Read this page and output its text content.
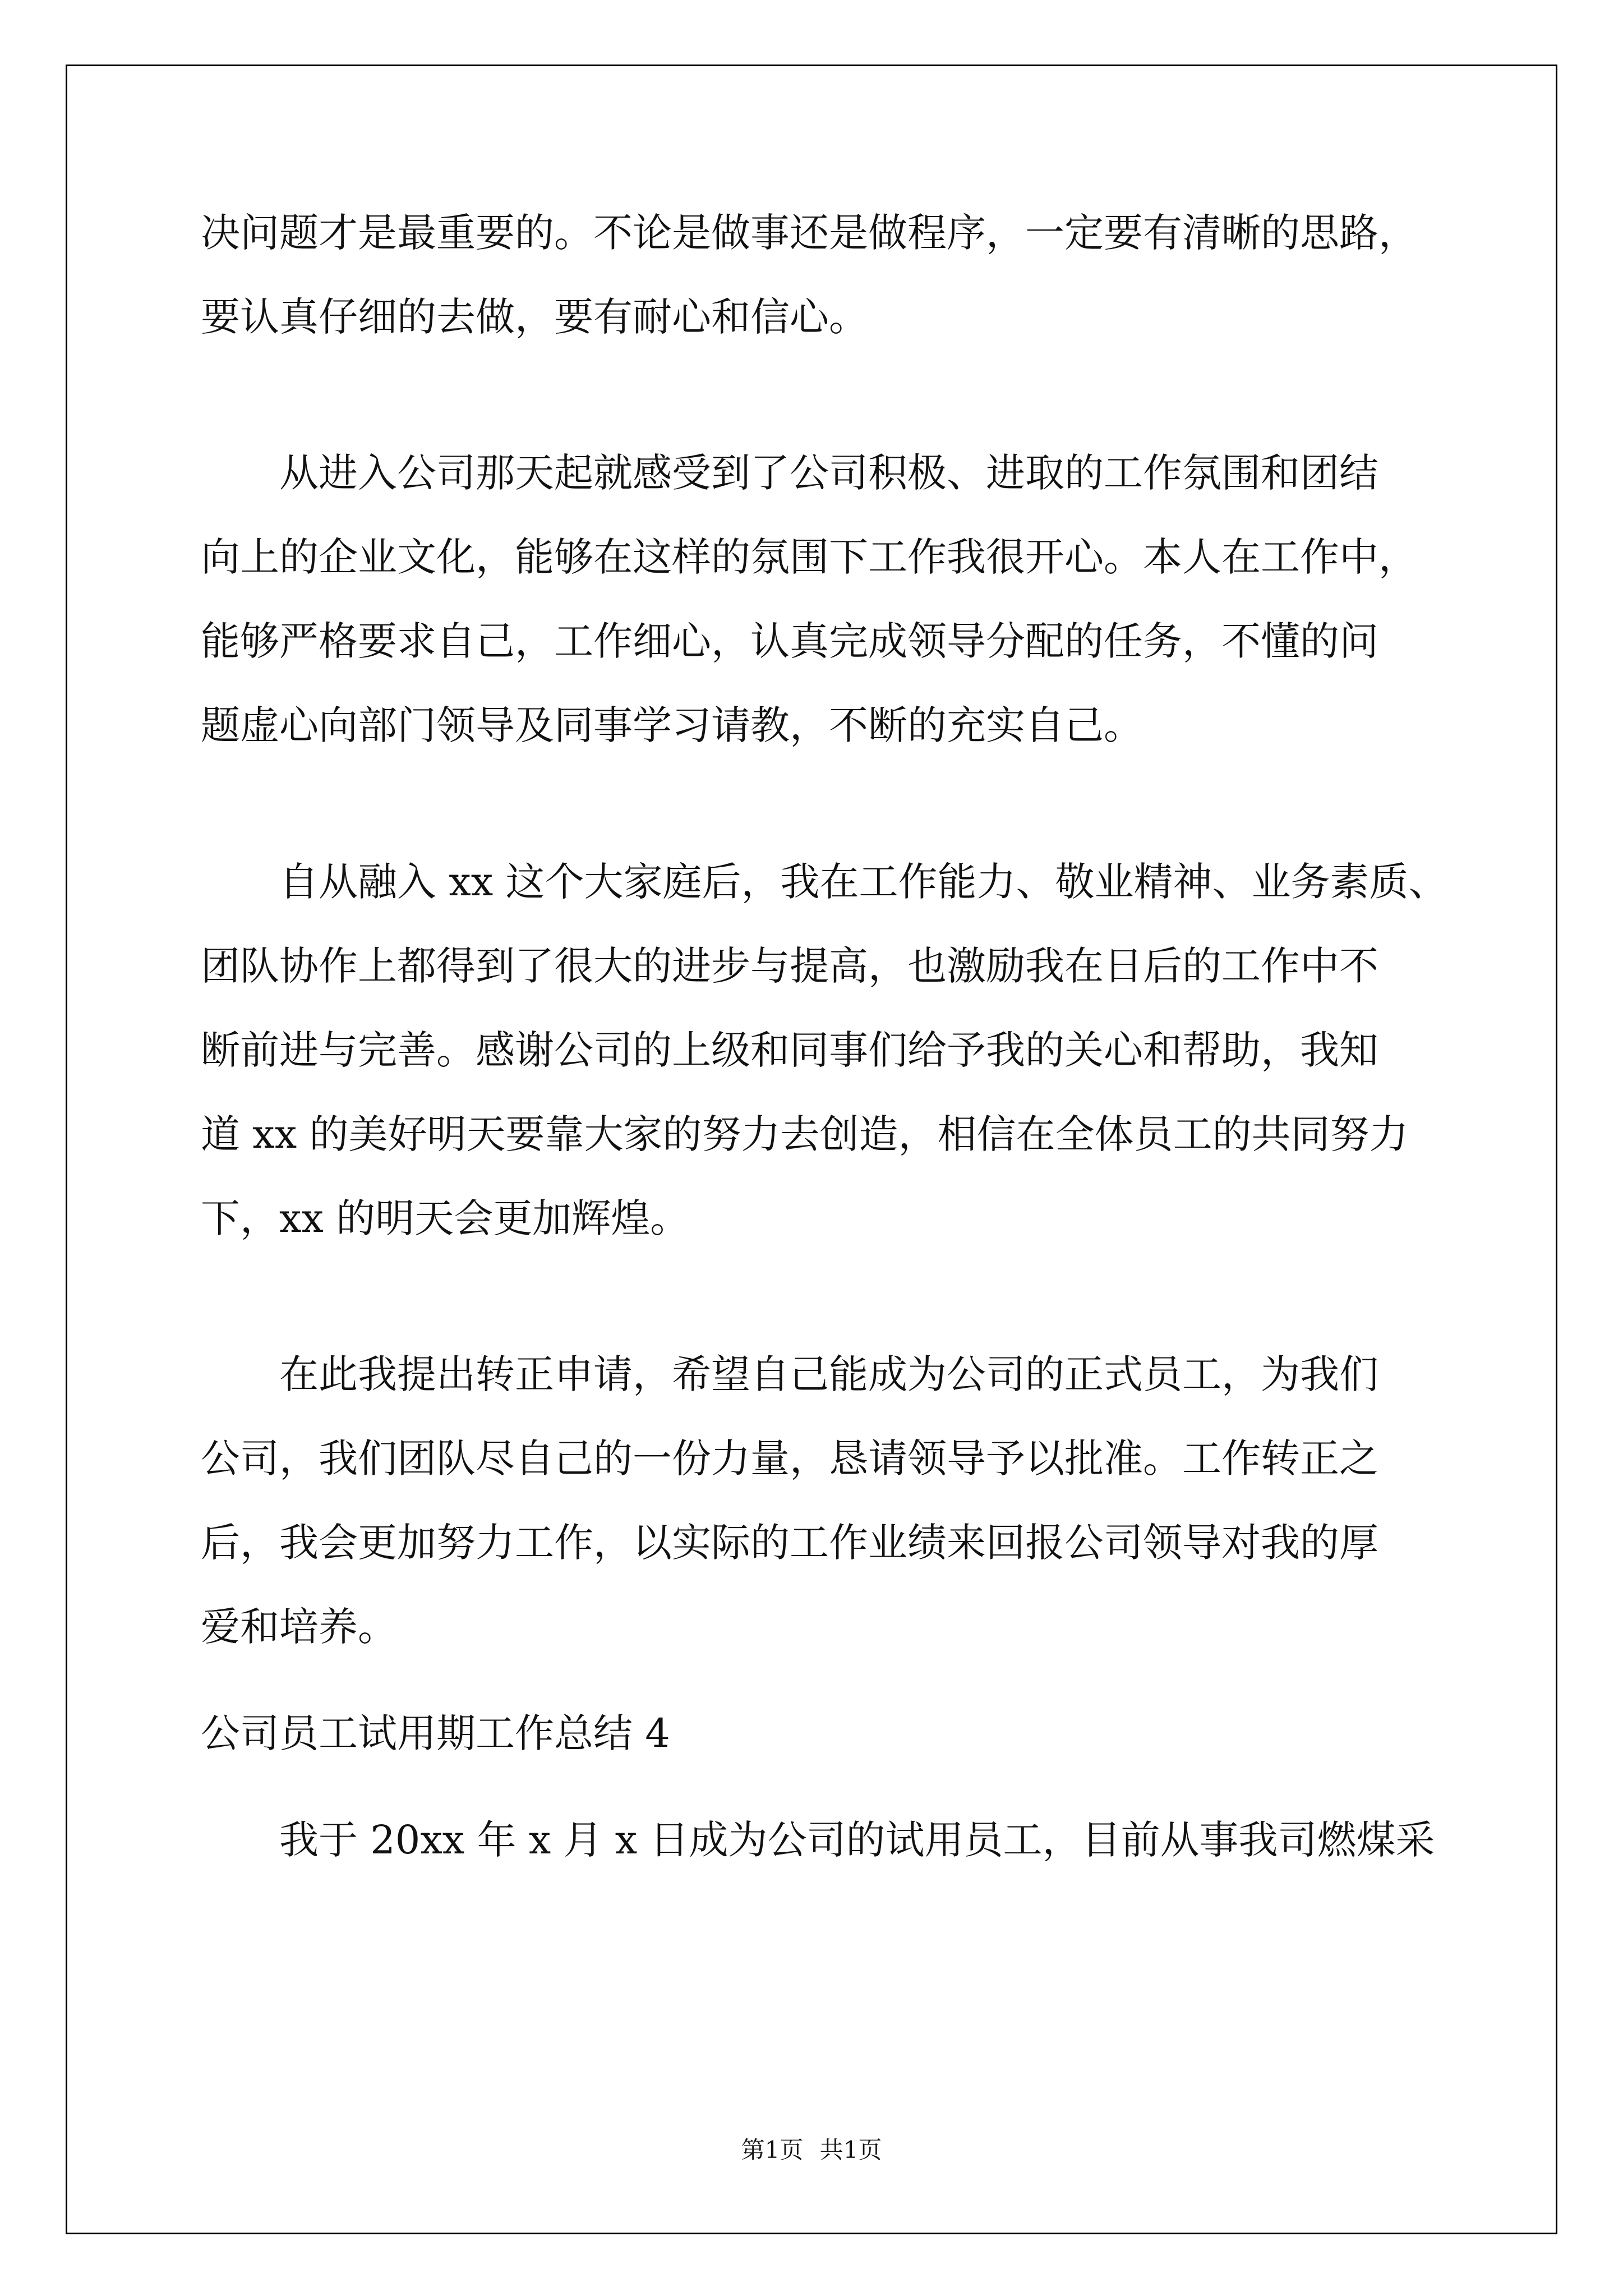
决问题才是最重要的。不论是做事还是做程序，一定要有清晰的思路，
要认真仔细的去做，要有耐心和信心。
从进入公司那天起就感受到了公司积极、进取的工作氛围和团结
向上的企业文化，能够在这样的氛围下工作我很开心。本人在工作中，
能够严格要求自己，工作细心，认真完成领导分配的任务，不懂的问
题虚心向部门领导及同事学习请教，不断的充实自己。
自从融入 xx 这个大家庭后，我在工作能力、敬业精神、业务素质、
团队协作上都得到了很大的进步与提高，也激励我在日后的工作中不
断前进与完善。感谢公司的上级和同事们给予我的关心和帮助，我知
道 xx 的美好明天要靠大家的努力去创造，相信在全体员工的共同努力
下，xx 的明天会更加辉煌。
在此我提出转正申请，希望自己能成为公司的正式员工，为我们
公司，我们团队尽自己的一份力量，恳请领导予以批准。工作转正之
后，我会更加努力工作，以实际的工作业绩来回报公司领导对我的厚
爱和培养。
公司员工试用期工作总结 4
我于 20xx 年 x 月 x 日成为公司的试用员工，目前从事我司燃煤采
第1页 共1页
